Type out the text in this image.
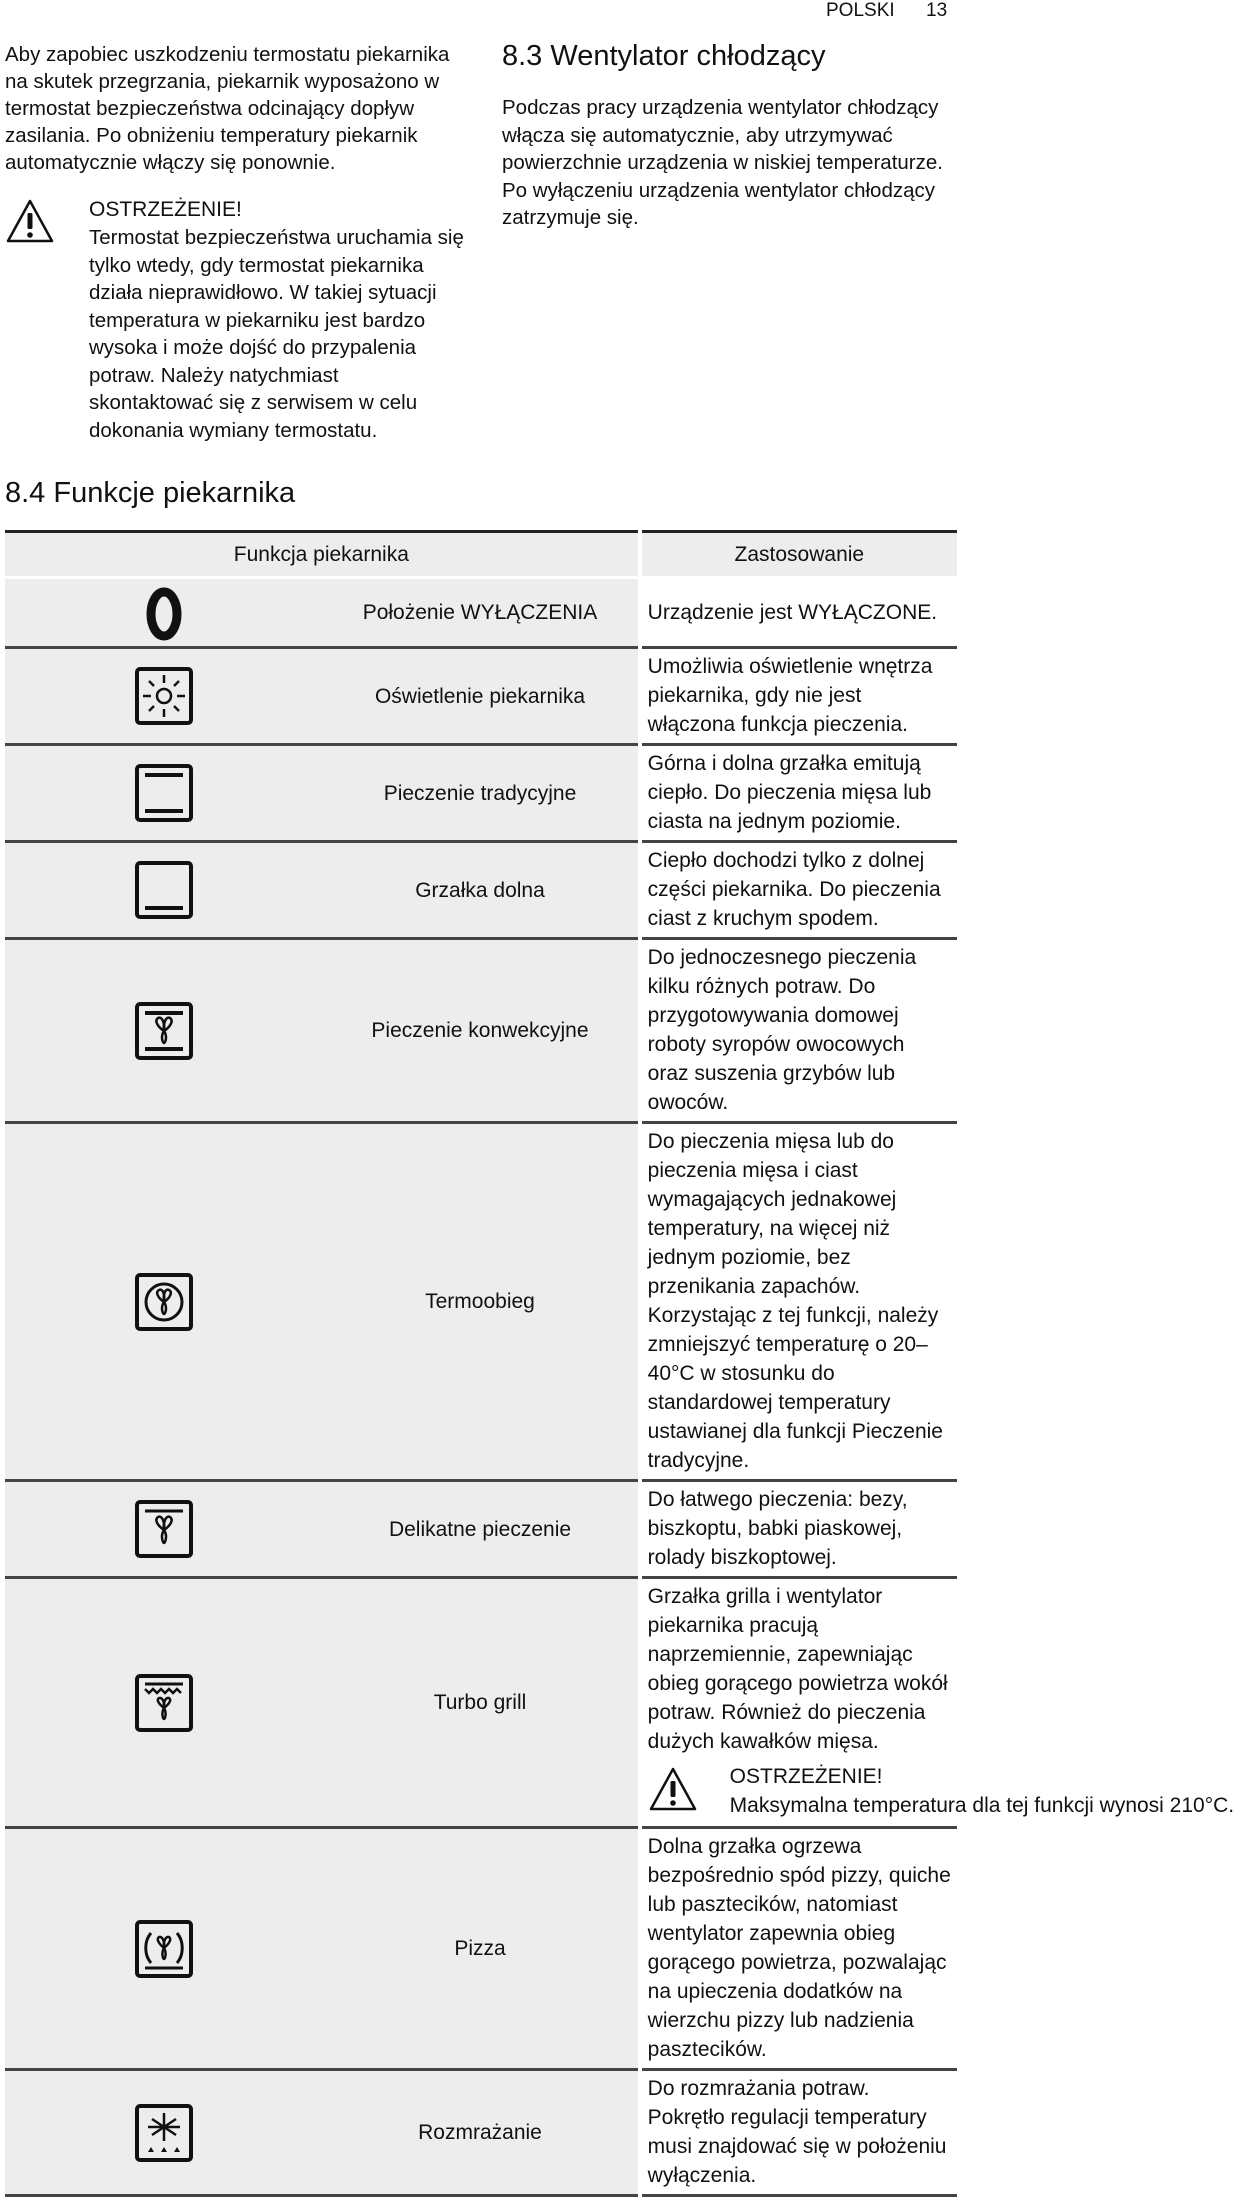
POLSKI 13

Aby zapobiec uszkodzeniu termostatu piekarnika na skutek przegrzania, piekarnik wyposażono w termostat bezpieczeństwa odcinający dopływ zasilania. Po obniżeniu temperatury piekarnik automatycznie włączy się ponownie.

OSTRZEŻENIE!

Termostat bezpieczeństwa uruchamia się tylko wtedy, gdy termostat piekarnika działa nieprawidłowo. W takiej sytuacji temperatura w piekarniku jest bardzo wysoka i może dojść do przypalenia potraw. Należy natychmiast skontaktować się z serwisem w celu dokonania wymiany termostatu.

8.3 Wentylator chłodzący

Podczas pracy urządzenia wentylator chłodzący włącza się automatycznie, aby utrzymywać powierzchnie urządzenia w niskiej temperaturze. Po wyłączeniu urządzenia wentylator chłodzący zatrzymuje się.

8.4 Funkcje piekarnika
Funkcja piekarnika		Zastosowanie

	Położenie WYŁĄCZENIA	Urządzenie jest WYŁĄCZONE.

	Oświetlenie piekarnika	Umożliwia oświetlenie wnętrza piekarnika, gdy nie jest włączona funkcja pieczenia.

	Pieczenie tradycyjne	Górna i dolna grzałka emitują ciepło. Do pieczenia mięsa lub ciasta na jednym poziomie.

	Grzałka dolna	Ciepło dochodzi tylko z dolnej części piekarnika. Do pieczenia ciast z kruchym spodem.

	Pieczenie konwekcyjne	Do jednoczesnego pieczenia kilku różnych potraw. Do przygotowywania domowej roboty syropów owocowych oraz suszenia grzybów lub owoców.

	Termoobieg	Do pieczenia mięsa lub do pieczenia mięsa i ciast wymagających jednakowej temperatury, na więcej niż jednym poziomie, bez przenikania zapachów. Korzystając z tej funkcji, należy zmniejszyć temperaturę o 20–40°C w stosunku do standardowej temperatury ustawianej dla funkcji Pieczenie tradycyjne.

	Delikatne pieczenie	Do łatwego pieczenia: bezy, biszkoptu, babki piaskowej, rolady biszkoptowej.

	Turbo grill	Grzałka grilla i wentylator piekarnika pracują naprzemiennie, zapewniając obieg gorącego powietrza wokół potraw. Również do pieczenia dużych kawałków mięsa.

OSTRZEŻENIE!

Maksymalna temperatura dla tej funkcji wynosi 210°C.

	Pizza	Dolna grzałka ogrzewa bezpośrednio spód pizzy, quiche lub pasztecików, natomiast wentylator zapewnia obieg gorącego powietrza, pozwalając na upieczenia dodatków na wierzchu pizzy lub nadzienia pasztecików.

	Rozmrażanie	Do rozmrażania potraw. Pokrętło regulacji temperatury musi znajdować się w położeniu wyłączenia.
